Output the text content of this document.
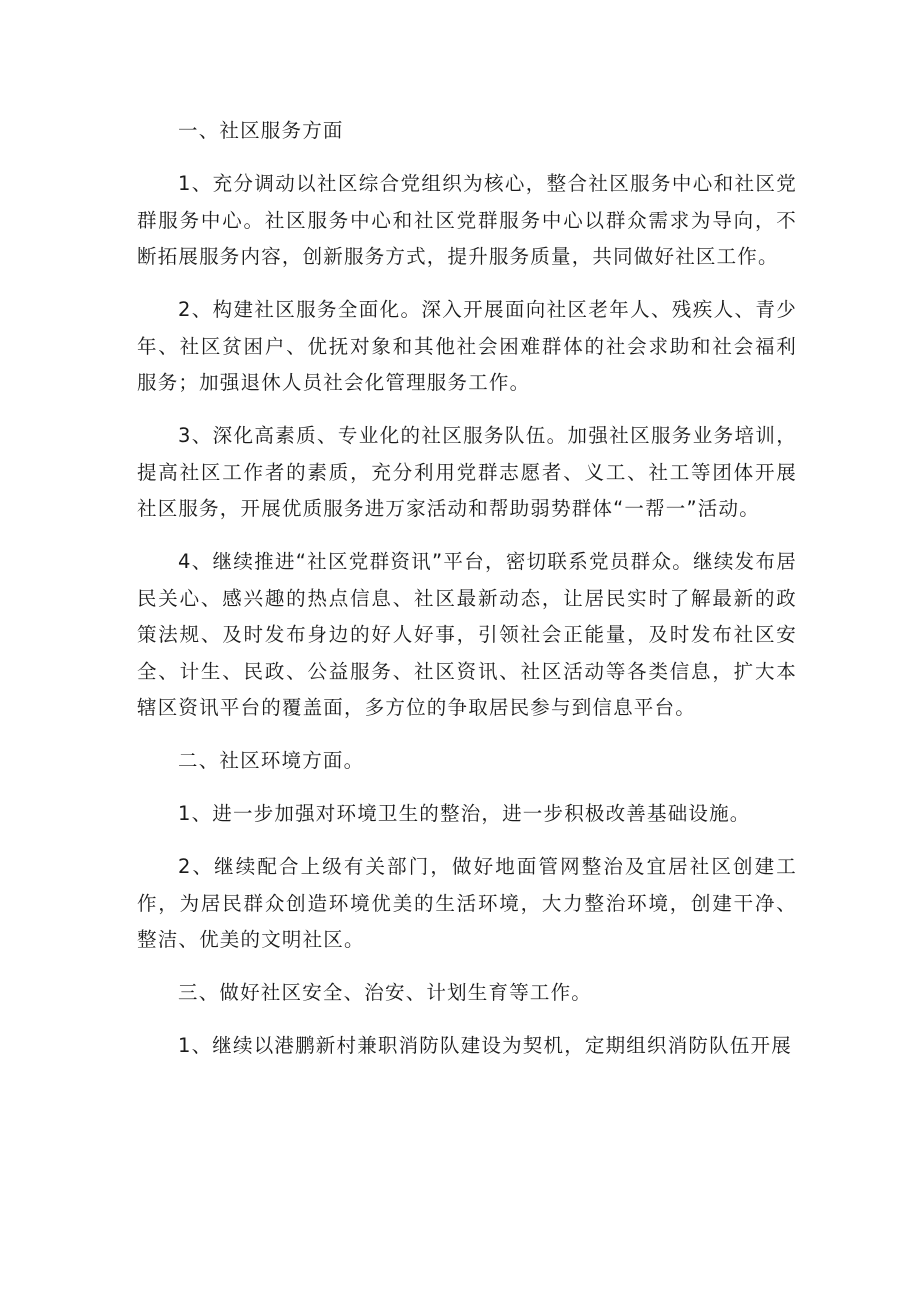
一、社区服务方面

1、充分调动以社区综合党组织为核心，整合社区服务中心和社区党群服务中心。社区服务中心和社区党群服务中心以群众需求为导向，不断拓展服务内容，创新服务方式，提升服务质量，共同做好社区工作。

2、构建社区服务全面化。深入开展面向社区老年人、残疾人、青少年、社区贫困户、优抚对象和其他社会困难群体的社会求助和社会福利服务；加强退休人员社会化管理服务工作。

3、深化高素质、专业化的社区服务队伍。加强社区服务业务培训，提高社区工作者的素质，充分利用党群志愿者、义工、社工等团体开展社区服务，开展优质服务进万家活动和帮助弱势群体“一帮一”活动。

4、继续推进“社区党群资讯”平台，密切联系党员群众。继续发布居民关心、感兴趣的热点信息、社区最新动态，让居民实时了解最新的政策法规、及时发布身边的好人好事，引领社会正能量，及时发布社区安全、计生、民政、公益服务、社区资讯、社区活动等各类信息，扩大本辖区资讯平台的覆盖面，多方位的争取居民参与到信息平台。

二、社区环境方面。

1、进一步加强对环境卫生的整治，进一步积极改善基础设施。

2、继续配合上级有关部门，做好地面管网整治及宜居社区创建工作，为居民群众创造环境优美的生活环境，大力整治环境，创建干净、整洁、优美的文明社区。

三、做好社区安全、治安、计划生育等工作。

1、继续以港鹏新村兼职消防队建设为契机，定期组织消防队伍开展
